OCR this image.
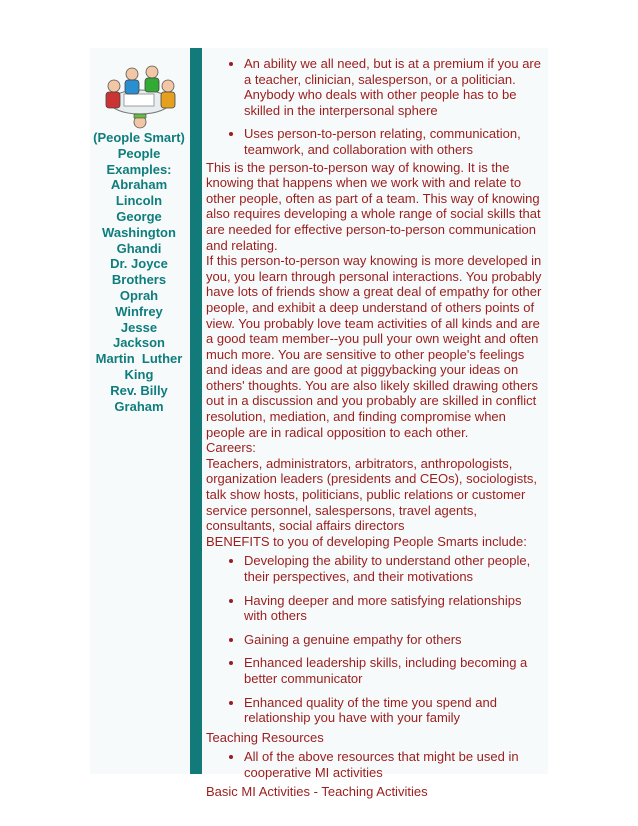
(People Smart)
People
Examples:
Abraham
Lincoln
George
Washington
Ghandi
Dr. Joyce
Brothers
Oprah
Winfrey
Jesse
Jackson
Martin  Luther
King
Rev. Billy
Graham
• An ability we all need, but is at a premium if you are a teacher, clinician, salesperson, or a politician. Anybody who deals with other people has to be skilled in the interpersonal sphere
• Uses person-to-person relating, communication, teamwork, and collaboration with others

This is the person-to-person way of knowing. It is the knowing that happens when we work with and relate to other people, often as part of a team. This way of knowing also requires developing a whole range of social skills that are needed for effective person-to-person communication and relating.

If this person-to-person way knowing is more developed in you, you learn through personal interactions. You probably have lots of friends show a great deal of empathy for other people, and exhibit a deep understand of others points of view. You probably love team activities of all kinds and are a good team member--you pull your own weight and often much more. You are sensitive to other people's feelings and ideas and are good at piggybacking your ideas on others' thoughts. You are also likely skilled drawing others out in a discussion and you probably are skilled in conflict resolution, mediation, and finding compromise when people are in radical opposition to each other.

Careers:

Teachers, administrators, arbitrators, anthropologists, organization leaders (presidents and CEOs), sociologists, talk show hosts, politicians, public relations or customer service personnel, salespersons, travel agents, consultants, social affairs directors

BENEFITS to you of developing People Smarts include:

• Developing the ability to understand other people, their perspectives, and their motivations
• Having deeper and more satisfying relationships with others
• Gaining a genuine empathy for others
• Enhanced leadership skills, including becoming a better communicator
• Enhanced quality of the time you spend and relationship you have with your family

Teaching Resources

• All of the above resources that might be used in cooperative MI activities

Basic MI Activities - Teaching Activities
